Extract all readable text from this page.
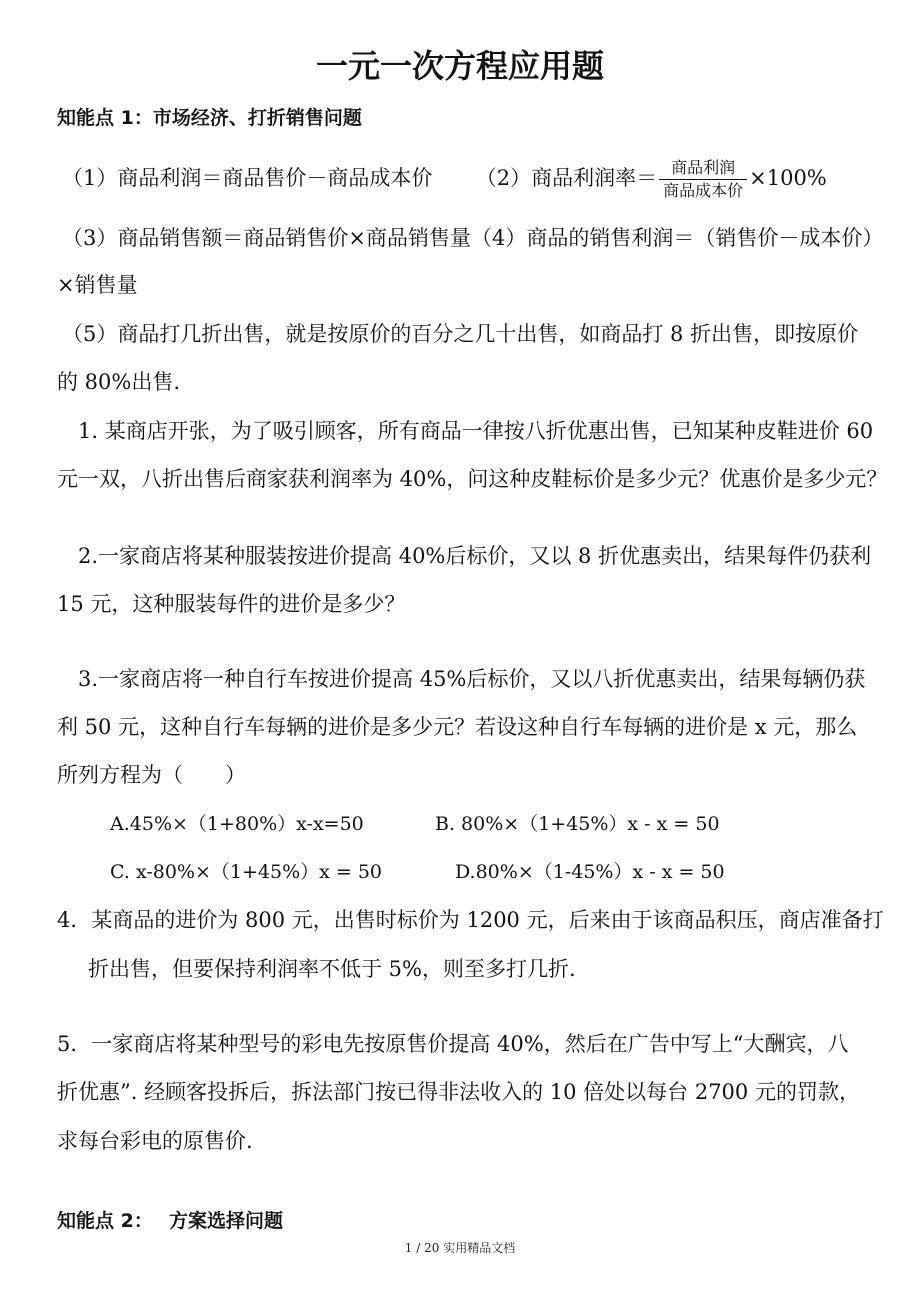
一元一次方程应用题
知能点 1：市场经济、打折销售问题
（1）商品利润＝商品售价－商品成本价 （2）商品利润率＝ $\frac{\text{商品利润}}{\text{商品成本价}} \times 100\%$
（3）商品销售额＝商品销售价×商品销售量（4）商品的销售利润＝（销售价－成本价）
×销售量
（5）商品打几折出售，就是按原价的百分之几十出售，如商品打 8 折出售，即按原价
的 80%出售.
1. 某商店开张，为了吸引顾客，所有商品一律按八折优惠出售，已知某种皮鞋进价 60
元一双，八折出售后商家获利润率为 40%，问这种皮鞋标价是多少元？优惠价是多少元？
2.一家商店将某种服装按进价提高 40%后标价，又以 8 折优惠卖出，结果每件仍获利
15 元，这种服装每件的进价是多少？
3.一家商店将一种自行车按进价提高 45%后标价，又以八折优惠卖出，结果每辆仍获
利 50 元，这种自行车每辆的进价是多少元？若设这种自行车每辆的进价是 x 元，那么
所列方程为（　　）
A.45%×（1+80%）x-x=50	B. 80%×（1+45%）x - x = 50
C. x-80%×（1+45%）x = 50	D.80%×（1-45%）x - x = 50
4．某商品的进价为 800 元，出售时标价为 1200 元，后来由于该商品积压，商店准备打
折出售，但要保持利润率不低于 5%，则至多打几折.
5．一家商店将某种型号的彩电先按原售价提高 40%，然后在广告中写上“大酬宾，八
折优惠”. 经顾客投拆后，拆法部门按已得非法收入的 10 倍处以每台 2700 元的罚款，
求每台彩电的原售价.
知能点 2：　 方案选择问题
1 / 20 实用精品文档
